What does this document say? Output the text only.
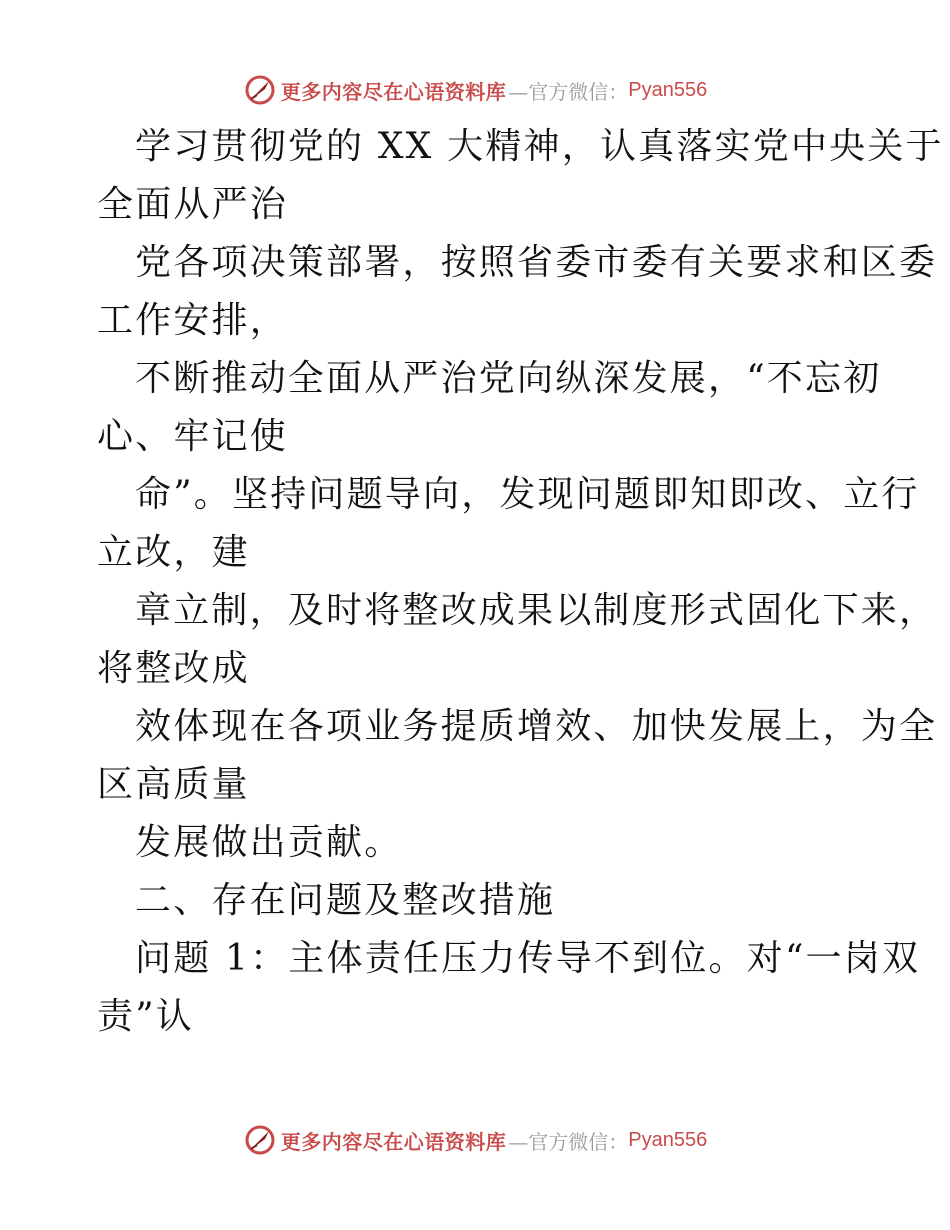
更多内容尽在心语资料库 —官方微信： Pyan556
学习贯彻党的 XX 大精神，认真落实党中央关于
全面从严治
党各项决策部署，按照省委市委有关要求和区委
工作安排，
不断推动全面从严治党向纵深发展，“不忘初
心、牢记使
命”。坚持问题导向，发现问题即知即改、立行
立改，建
章立制，及时将整改成果以制度形式固化下来，
将整改成
效体现在各项业务提质增效、加快发展上，为全
区高质量
发展做出贡献。
二、存在问题及整改措施
问题 1：主体责任压力传导不到位。对“一岗双
责”认
更多内容尽在心语资料库 —官方微信： Pyan556
